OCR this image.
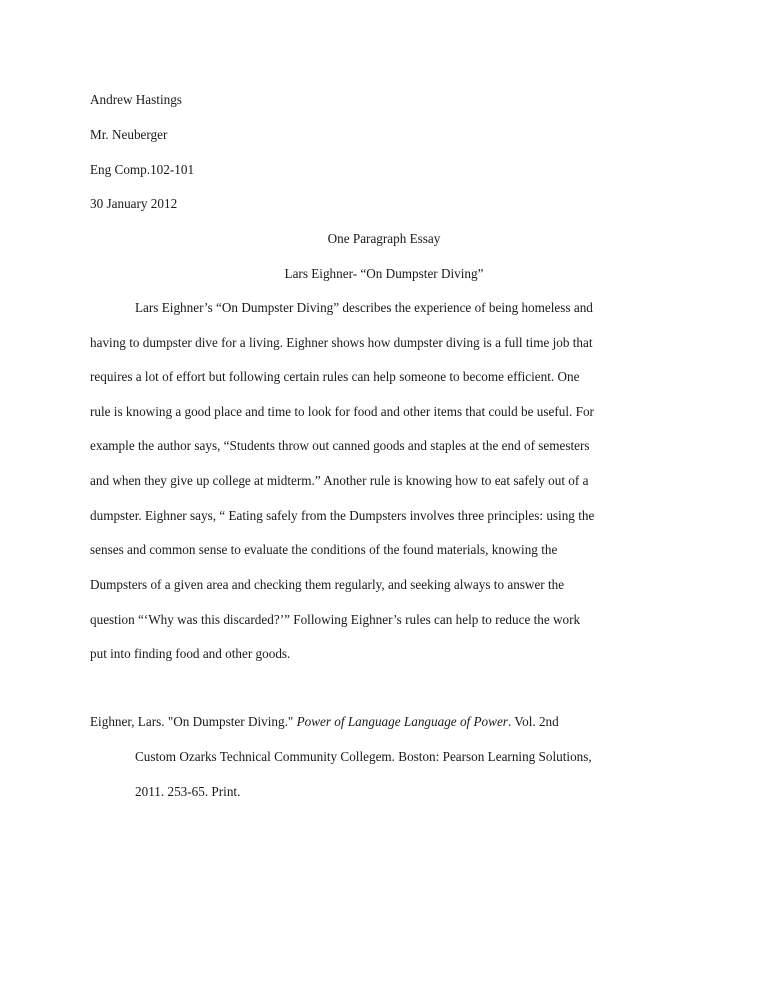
Andrew Hastings
Mr. Neuberger
Eng Comp.102-101
30 January 2012
One Paragraph Essay
Lars Eighner- “On Dumpster Diving”
Lars Eighner’s “On Dumpster Diving” describes the experience of being homeless and
having to dumpster dive for a living. Eighner shows how dumpster diving is a full time job that
requires a lot of effort but following certain rules can help someone to become efficient. One
rule is knowing a good place and time to look for food and other items that could be useful. For
example the author says, “Students throw out canned goods and staples at the end of semesters
and when they give up college at midterm.” Another rule is knowing how to eat safely out of a
dumpster. Eighner says, “ Eating safely from the Dumpsters involves three principles: using the
senses and common sense to evaluate the conditions of the found materials, knowing the
Dumpsters of a given area and checking them regularly, and seeking always to answer the
question “‘Why was this discarded?’” Following Eighner’s rules can help to reduce the work
put into finding food and other goods.
Eighner, Lars. "On Dumpster Diving." Power of Language Language of Power. Vol. 2nd
Custom Ozarks Technical Community Collegem. Boston: Pearson Learning Solutions,
2011. 253-65. Print.
